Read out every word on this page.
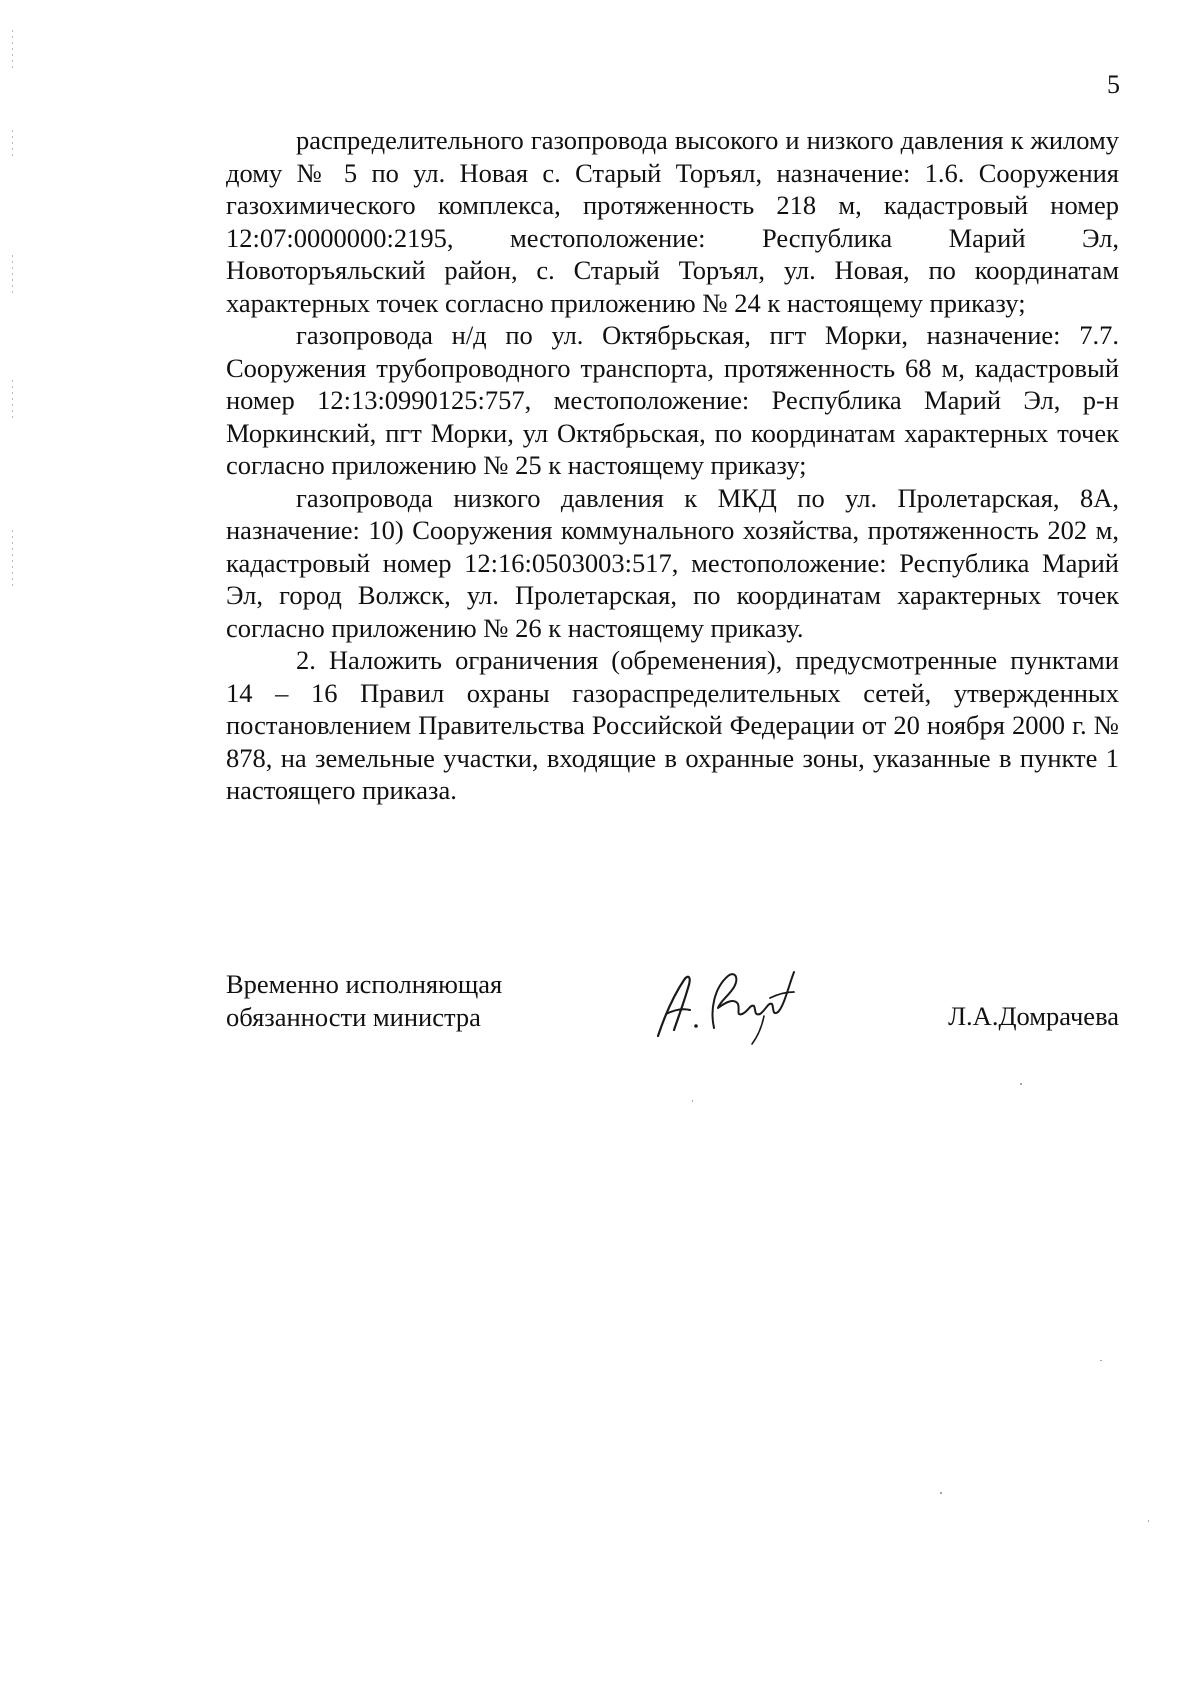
5

распределительного газопровода высокого и низкого давления к жилому дому № 5 по ул. Новая с. Старый Торъял, назначение: 1.6. Сооружения газохимического комплекса, протяженность 218 м, кадастровый номер 12:07:0000000:2195, местоположение: Республика Марий Эл, Новоторъяльский район, с. Старый Торъял, ул. Новая, по координатам характерных точек согласно приложению № 24 к настоящему приказу;

газопровода н/д по ул. Октябрьская, пгт Морки, назначение: 7.7. Сооружения трубопроводного транспорта, протяженность 68 м, кадастровый номер 12:13:0990125:757, местоположение: Республика Марий Эл, р-н Моркинский, пгт Морки, ул Октябрьская, по координатам характерных точек согласно приложению № 25 к настоящему приказу;

газопровода низкого давления к МКД по ул. Пролетарская, 8А, назначение: 10) Сооружения коммунального хозяйства, протяженность 202 м, кадастровый номер 12:16:0503003:517, местоположение: Республика Марий Эл, город Волжск, ул. Пролетарская, по координатам характерных точек согласно приложению № 26 к настоящему приказу.

2. Наложить ограничения (обременения), предусмотренные пунктами 14 – 16 Правил охраны газораспределительных сетей, утвержденных постановлением Правительства Российской Федерации от 20 ноября 2000 г. № 878, на земельные участки, входящие в охранные зоны, указанные в пункте 1 настоящего приказа.

Временно исполняющая
обязанности министра	Л.А.Домрачева
